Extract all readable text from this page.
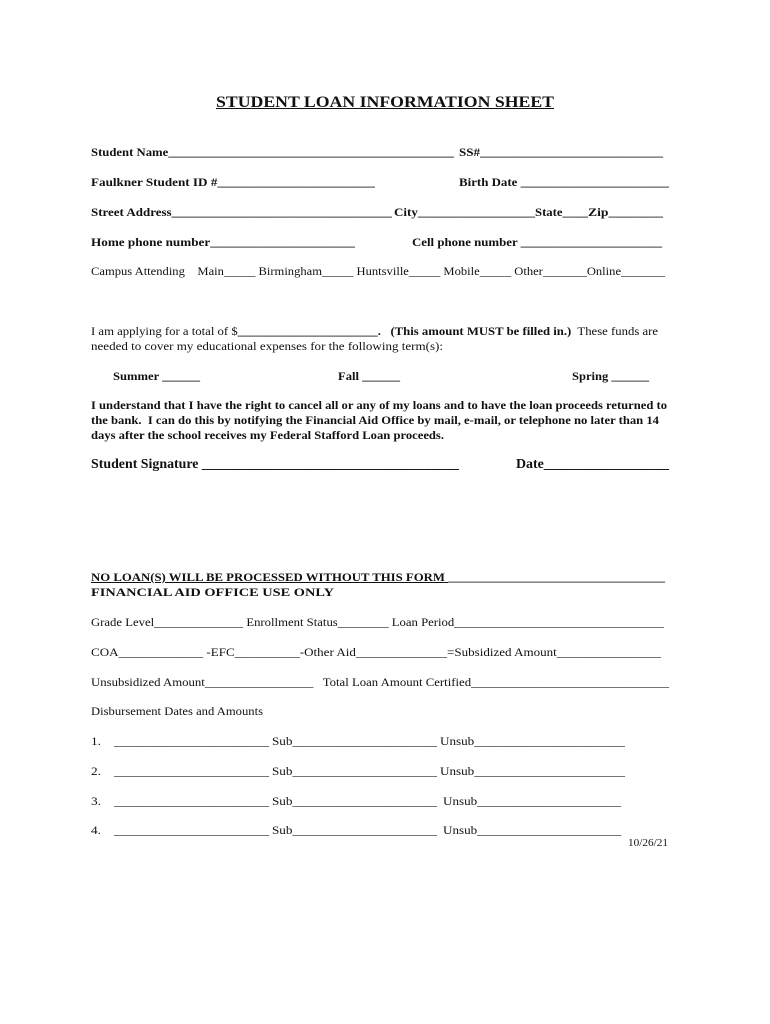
STUDENT LOAN INFORMATION SHEET
Student Name_____________________________________________ SS#____________________________
Faulkner Student ID #________________________	Birth Date _______________________
Street Address__________________________________ City__________________ State____ Zip________
Home phone number______________________	Cell phone number ______________________
Campus Attending    Main_____ Birmingham_____ Huntsville_____ Mobile_____ Other_______Online_______
I am applying for a total of $______________________.   (This amount MUST be filled in.)  These funds are
needed to cover my educational expenses for the following term(s):
Summer ______	Fall ______	Spring ______
I understand that I have the right to cancel all or any of my loans and to have the loan proceeds returned to
the bank.  I can do this by notifying the Financial Aid Office by mail, e-mail, or telephone no later than 14
days after the school receives my Federal Stafford Loan proceeds.
Student Signature _____________________________________	Date__________________
NO LOAN(S) WILL BE PROCESSED WITHOUT THIS FORM __________________________________
FINANCIAL AID OFFICE USE ONLY
Grade Level______________ Enrollment Status________ Loan Period_________________________________
COA_____________ -EFC__________-Other Aid______________=Subsidized Amount________________
Unsubsidized Amount_________________   Total Loan Amount Certified_______________________________
Disbursement Dates and Amounts
1. _______________________ Sub______________________ Unsub_______________________
2. _______________________ Sub______________________ Unsub_______________________
3. _______________________ Sub______________________ Unsub______________________
4. _______________________ Sub______________________ Unsub______________________
10/26/21
